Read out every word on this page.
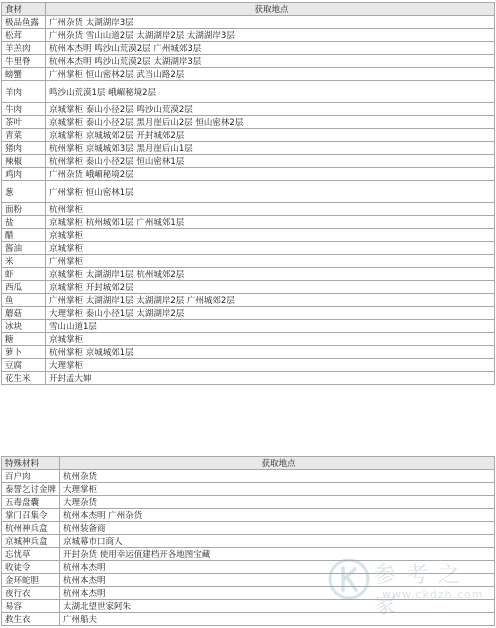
食材	获取地点
极品鱼露	广州杂货 太湖湖岸3层
松茸	广州杂货 雪山山道2层 太湖湖岸2层 太湖湖岸3层
羊羔肉	杭州本杰明 鸣沙山荒漠2层 广州城郊3层
牛里脊	杭州本杰明 鸣沙山荒漠2层 太湖湖岸3层
螃蟹	广州掌柜 恒山密林2层 武当山路2层
羊肉	鸣沙山荒漠1层 峨嵋秘境2层
牛肉	京城掌柜 泰山小径2层 鸣沙山荒漠2层
茶叶	京城掌柜 泰山小径2层 黑月崖后山2层 恒山密林2层
青菜	京城掌柜 京城城郊2层 开封城郊2层
猪肉	杭州掌柜 京城城郊3层 黑月崖后山1层
辣椒	杭州掌柜 泰山小径2层 恒山密林1层
鸡肉	广州杂货 峨嵋秘境2层
葱	广州掌柜 恒山密林1层
面粉	杭州掌柜
盐	京城掌柜 杭州城郊1层 广州城郊1层
醋	京城掌柜
酱油	京城掌柜
米	广州掌柜
虾	京城掌柜 太湖湖岸1层 杭州城郊2层
西瓜	京城掌柜 开封城郊2层
鱼	广州掌柜 太湖湖岸1层 太湖湖岸2层 广州城郊2层
蘑菇	大理掌柜 泰山小径1层 太湖湖岸2层
冰块	雪山山道1层
糖	京城掌柜
萝卜	杭州掌柜 京城城郊1层
豆腐	大理掌柜
花生米	开封孟大婶
特殊材料	获取地点
百户肉	杭州杂货
泰誓乞讨金牌	大理掌柜
五毒盘囊	大理杂货
掌门召集令	杭州本杰明 广州杂货
杭州神兵盒	杭州装备商
京城神兵盒	京城幕市口商人
忘忧草	开封杂货 使用幸运值建档开各地图宝藏
收徒令	杭州本杰明
金环蛇胆	杭州本杰明
夜行衣	杭州本杰明
易容	太湖北望世家阿朱
救生衣	广州船夫
参考之家
www.ckdzh.com
